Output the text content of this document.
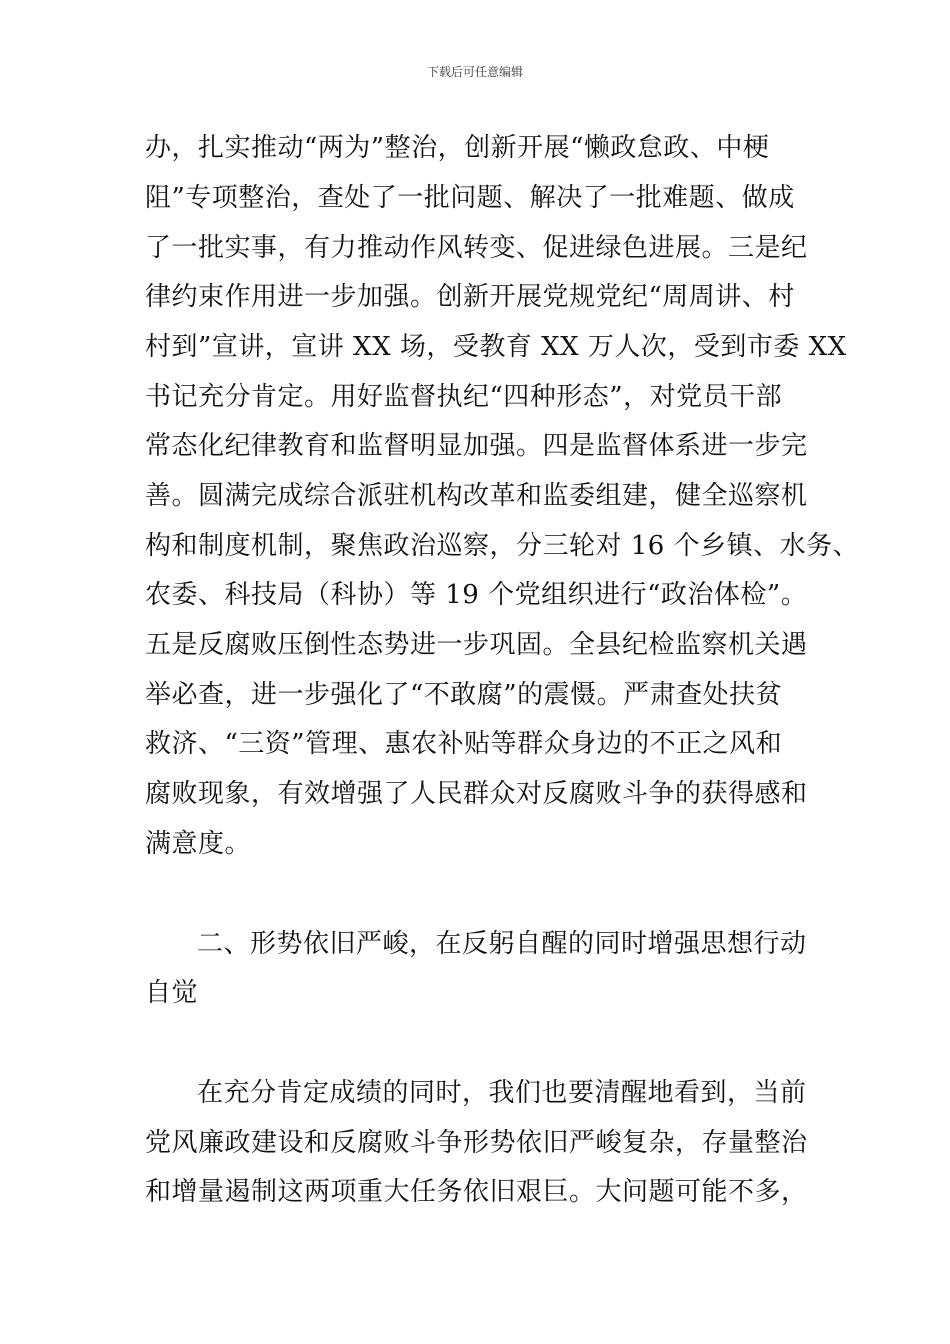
下载后可任意编辑
办，扎实推动“两为”整治，创新开展“懒政怠政、中梗
阻”专项整治，查处了一批问题、解决了一批难题、做成
了一批实事，有力推动作风转变、促进绿色进展。三是纪
律约束作用进一步加强。创新开展党规党纪“周周讲、村
村到”宣讲，宣讲 XX 场，受教育 XX 万人次，受到市委 XX
书记充分肯定。用好监督执纪“四种形态”，对党员干部
常态化纪律教育和监督明显加强。四是监督体系进一步完
善。圆满完成综合派驻机构改革和监委组建，健全巡察机
构和制度机制，聚焦政治巡察，分三轮对 16 个乡镇、水务、
农委、科技局（科协）等 19 个党组织进行“政治体检”。
五是反腐败压倒性态势进一步巩固。全县纪检监察机关遇
举必查，进一步强化了“不敢腐”的震慑。严肃查处扶贫
救济、“三资”管理、惠农补贴等群众身边的不正之风和
腐败现象，有效增强了人民群众对反腐败斗争的获得感和
满意度。
二、形势依旧严峻，在反躬自醒的同时增强思想行动
自觉
在充分肯定成绩的同时，我们也要清醒地看到，当前
党风廉政建设和反腐败斗争形势依旧严峻复杂，存量整治
和增量遏制这两项重大任务依旧艰巨。大问题可能不多，
